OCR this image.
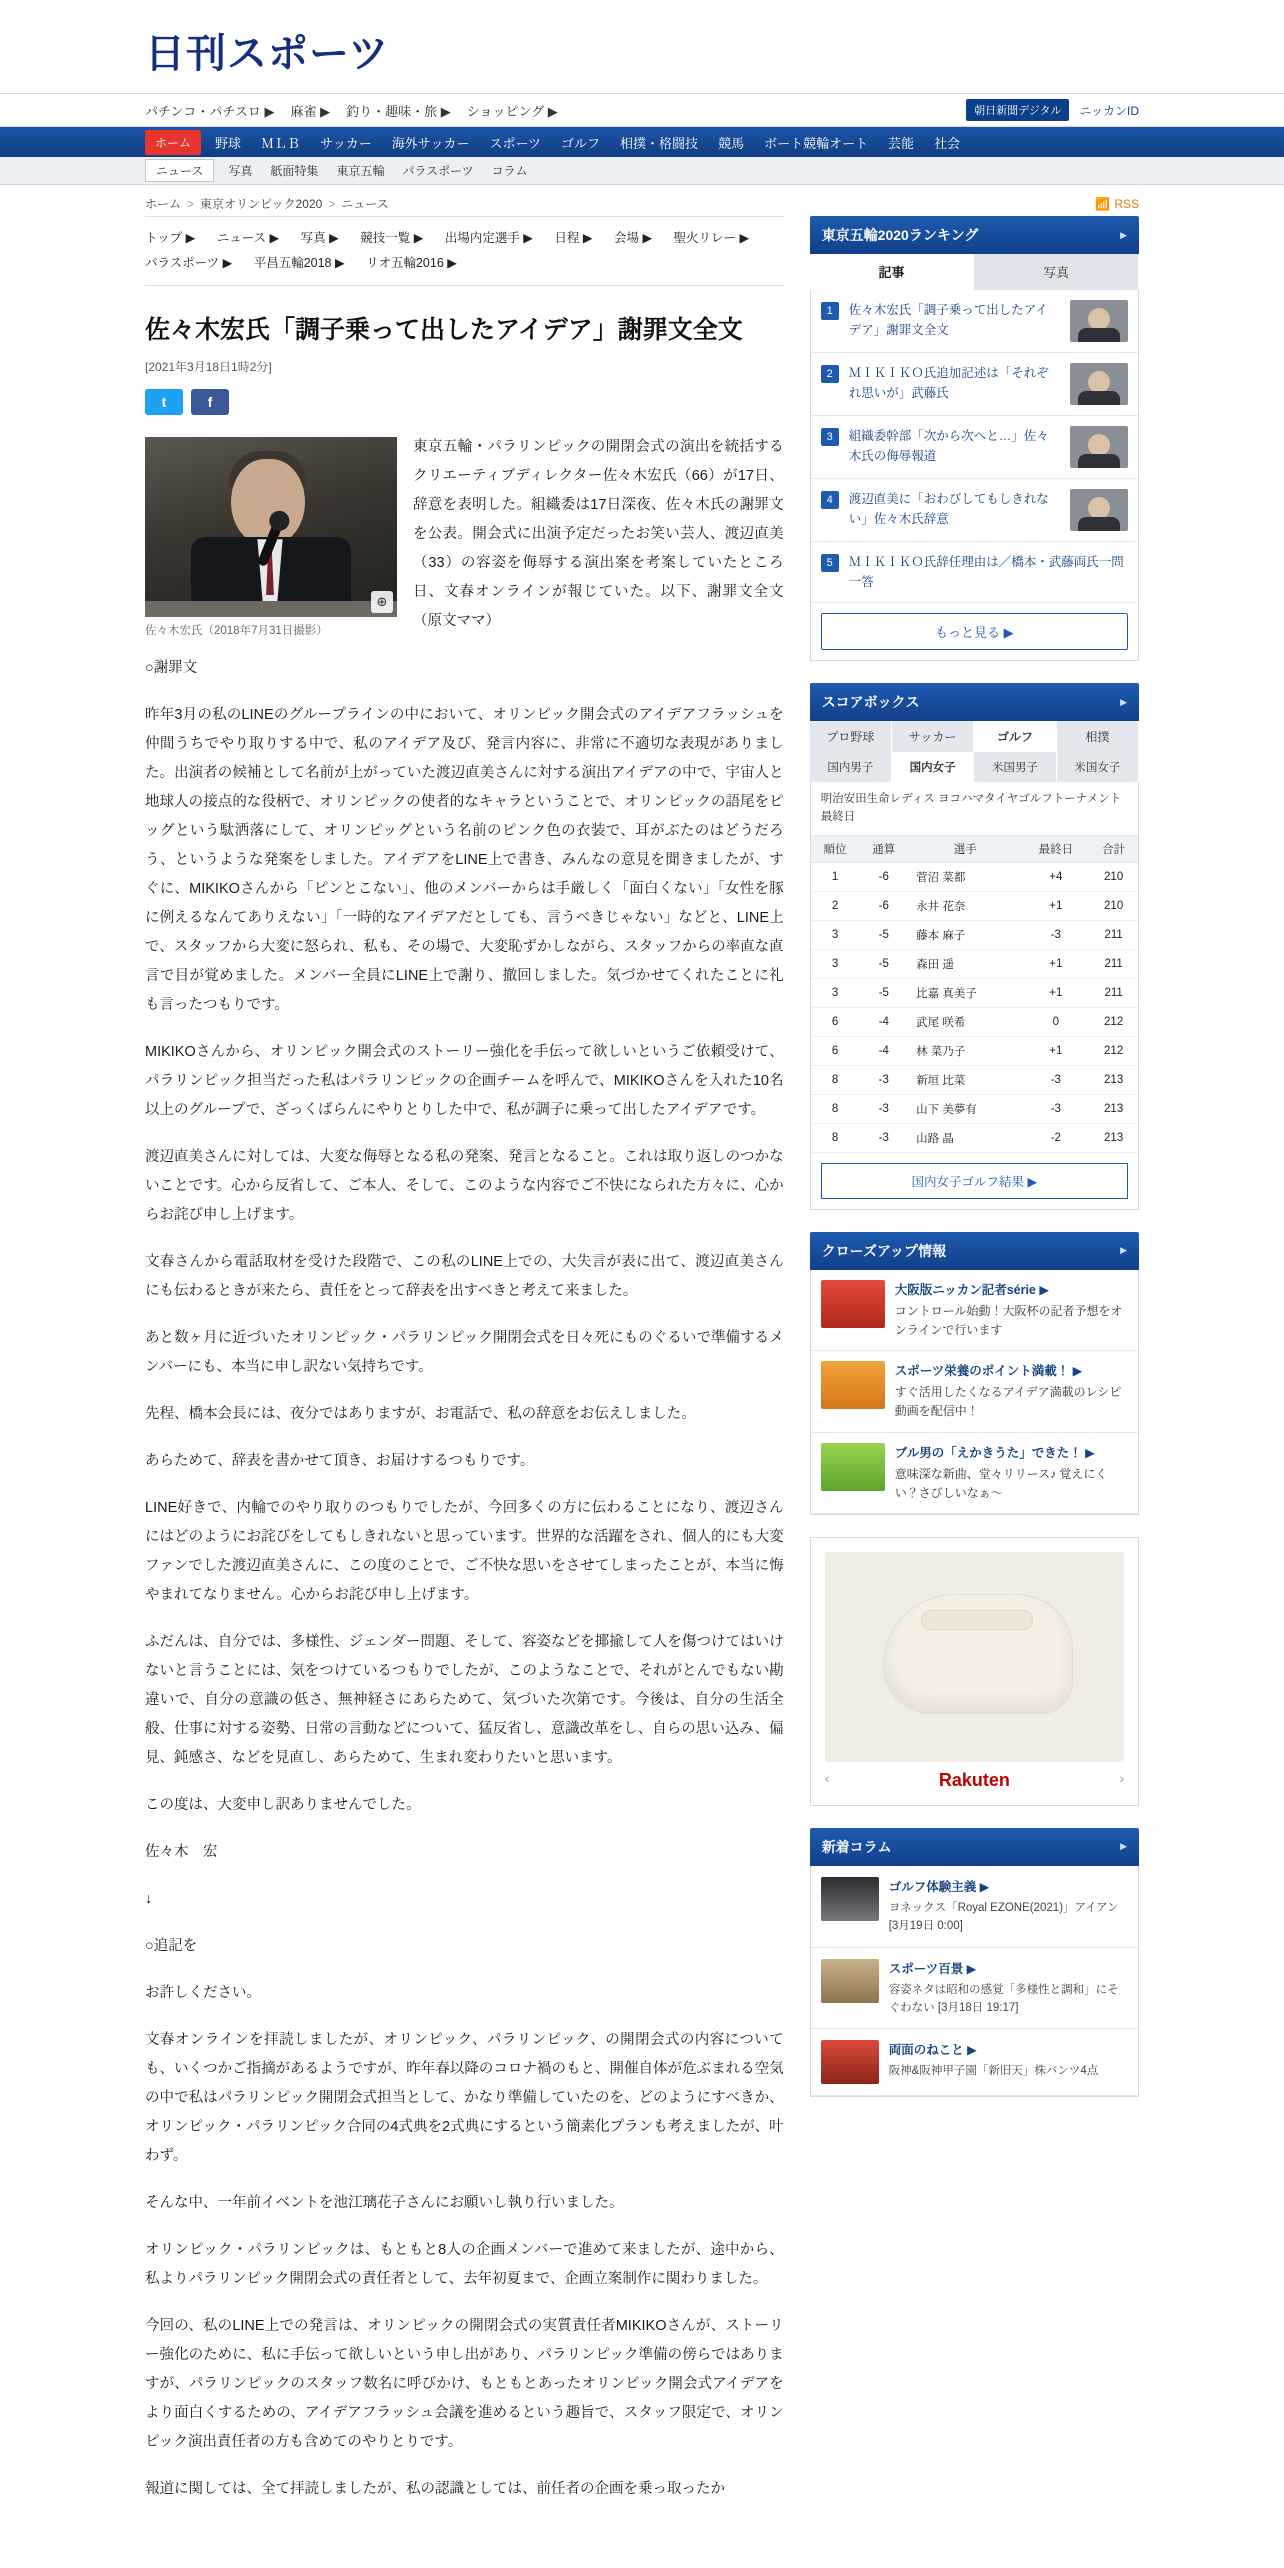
日刊スポーツ
パチンコ・パチスロ ▶ 麻雀 ▶ 釣り・趣味・旅 ▶ ショッピング ▶	朝日新聞デジタル	ニッカンID
ホーム	野球 ＭＬＢ サッカー 海外サッカー スポーツ ゴルフ 相撲・格闘技 競馬 ボート競輪オート 芸能 社会
ニュース	写真 紙面特集 東京五輪 パラスポーツ コラム
ホーム > 東京オリンピック2020 > ニュース	📶 RSS
トップ ▶ ニュース ▶ 写真 ▶ 競技一覧 ▶ 出場内定選手 ▶ 日程 ▶ 会場 ▶ 聖火リレー ▶
パラスポーツ ▶ 平昌五輪2018 ▶ リオ五輪2016 ▶
佐々木宏氏「調子乗って出したアイデア」謝罪文全文
[2021年3月18日1時2分]
t	f
⊕
佐々木宏氏（2018年7月31日撮影）

東京五輪・パラリンピックの開閉会式の演出を統括するクリエーティブディレクター佐々木宏氏（66）が17日、辞意を表明した。組織委は17日深夜、佐々木氏の謝罪文を公表。開会式に出演予定だったお笑い芸人、渡辺直美（33）の容姿を侮辱する演出案を考案していたところ日、文春オンラインが報じていた。以下、謝罪文全文（原文ママ）

○謝罪文

昨年3月の私のLINEのグループラインの中において、オリンピック開会式のアイデアフラッシュを仲間うちでやり取りする中で、私のアイデア及び、発言内容に、非常に不適切な表現がありました。出演者の候補として名前が上がっていた渡辺直美さんに対する演出アイデアの中で、宇宙人と地球人の接点的な役柄で、オリンピックの使者的なキャラということで、オリンピックの語尾をピッグという駄洒落にして、オリンピッグという名前のピンク色の衣装で、耳がぶたのはどうだろう、というような発案をしました。アイデアをLINE上で書き、みんなの意見を聞きましたが、すぐに、MIKIKOさんから「ピンとこない」、他のメンバーからは手厳しく「面白くない」「女性を豚に例えるなんてありえない」「一時的なアイデアだとしても、言うべきじゃない」などと、LINE上で、スタッフから大変に怒られ、私も、その場で、大変恥ずかしながら、スタッフからの率直な直言で目が覚めました。メンバー全員にLINE上で謝り、撤回しました。気づかせてくれたことに礼も言ったつもりです。

MIKIKOさんから、オリンピック開会式のストーリー強化を手伝って欲しいというご依頼受けて、パラリンピック担当だった私はパラリンピックの企画チームを呼んで、MIKIKOさんを入れた10名以上のグループで、ざっくばらんにやりとりした中で、私が調子に乗って出したアイデアです。

渡辺直美さんに対しては、大変な侮辱となる私の発案、発言となること。これは取り返しのつかないことです。心から反省して、ご本人、そして、このような内容でご不快になられた方々に、心からお詫び申し上げます。

文春さんから電話取材を受けた段階で、この私のLINE上での、大失言が表に出て、渡辺直美さんにも伝わるときが来たら、責任をとって辞表を出すべきと考えて来ました。

あと数ヶ月に近づいたオリンピック・パラリンピック開閉会式を日々死にものぐるいで準備するメンバーにも、本当に申し訳ない気持ちです。

先程、橋本会長には、夜分ではありますが、お電話で、私の辞意をお伝えしました。

あらためて、辞表を書かせて頂き、お届けするつもりです。

LINE好きで、内輪でのやり取りのつもりでしたが、今回多くの方に伝わることになり、渡辺さんにはどのようにお詫びをしてもしきれないと思っています。世界的な活躍をされ、個人的にも大変ファンでした渡辺直美さんに、この度のことで、ご不快な思いをさせてしまったことが、本当に悔やまれてなりません。心からお詫び申し上げます。

ふだんは、自分では、多様性、ジェンダー問題、そして、容姿などを揶揄して人を傷つけてはいけないと言うことには、気をつけているつもりでしたが、このようなことで、それがとんでもない勘違いで、自分の意識の低さ、無神経さにあらためて、気づいた次第です。今後は、自分の生活全般、仕事に対する姿勢、日常の言動などについて、猛反省し、意識改革をし、自らの思い込み、偏見、鈍感さ、などを見直し、あらためて、生まれ変わりたいと思います。

この度は、大変申し訳ありませんでした。

佐々木　宏

↓

○追記を

お許しください。

文春オンラインを拝読しましたが、オリンピック、パラリンピック、の開閉会式の内容についても、いくつかご指摘があるようですが、昨年春以降のコロナ禍のもと、開催自体が危ぶまれる空気の中で私はパラリンピック開閉会式担当として、かなり準備していたのを、どのようにすべきか、オリンピック・パラリンピック合同の4式典を2式典にするという簡素化プランも考えましたが、叶わず。

そんな中、一年前イベントを池江璃花子さんにお願いし執り行いました。

オリンピック・パラリンピックは、もともと8人の企画メンバーで進めて来ましたが、途中から、私よりパラリンピック開閉会式の責任者として、去年初夏まで、企画立案制作に関わりました。

今回の、私のLINE上での発言は、オリンピックの開閉会式の実質責任者MIKIKOさんが、ストーリー強化のために、私に手伝って欲しいという申し出があり、パラリンピック準備の傍らではありますが、パラリンピックのスタッフ数名に呼びかけ、もともとあったオリンピック開会式アイデアをより面白くするための、アイデアフラッシュ会議を進めるという趣旨で、スタッフ限定で、オリンピック演出責任者の方も含めてのやりとりです。

報道に関しては、全て拝読しましたが、私の認識としては、前任者の企画を乗っ取ったか

東京五輪2020ランキング	▶
記事	写真
1	佐々木宏氏「調子乗って出したアイデア」謝罪文全文
2	ＭＩＫＩＫＯ氏追加記述は「それぞれ思いが」武藤氏
3	組織委幹部「次から次へと…」佐々木氏の侮辱報道
4	渡辺直美に「おわびしてもしきれない」佐々木氏辞意
5	ＭＩＫＩＫＯ氏辞任理由は／橋本・武藤両氏一問一答
もっと見る ▶
スコアボックス	▶
プロ野球	サッカー	ゴルフ	相撲
国内男子	国内女子	米国男子	米国女子
明治安田生命レディス ヨコハマタイヤゴルフトーナメント 最終日
順位	通算	選手	最終日	合計
1	-6	菅沼 菜都	+4	210
2	-6	永井 花奈	+1	210
3	-5	藤本 麻子	-3	211
3	-5	森田 遥	+1	211
3	-5	比嘉 真美子	+1	211
6	-4	武尾 咲希	0	212
6	-4	林 菜乃子	+1	212
8	-3	新垣 比菜	-3	213
8	-3	山下 美夢有	-3	213
8	-3	山路 晶	-2	213
国内女子ゴルフ結果 ▶
クローズアップ情報	▶
大阪版ニッカン記者série ▶
コントロール始動！大阪杯の記者予想をオンラインで行います
スポーツ栄養のポイント満載！ ▶
すぐ活用したくなるアイデア満載のレシピ動画を配信中！
ブル男の「えかきうた」できた！ ▶
意味深な新曲、堂々リリース♪ 覚えにくい？さびしいなぁ～
‹	Rakuten	›
新着コラム	▶
ゴルフ体験主義 ▶
ヨネックス「Royal EZONE(2021)」アイアン [3月19日 0:00]
スポーツ百景 ▶
容姿ネタは昭和の感覚「多様性と調和」にそぐわない [3月18日 19:17]
両面のねこと ▶
阪神&阪神甲子園「新旧天」株バンツ4点
